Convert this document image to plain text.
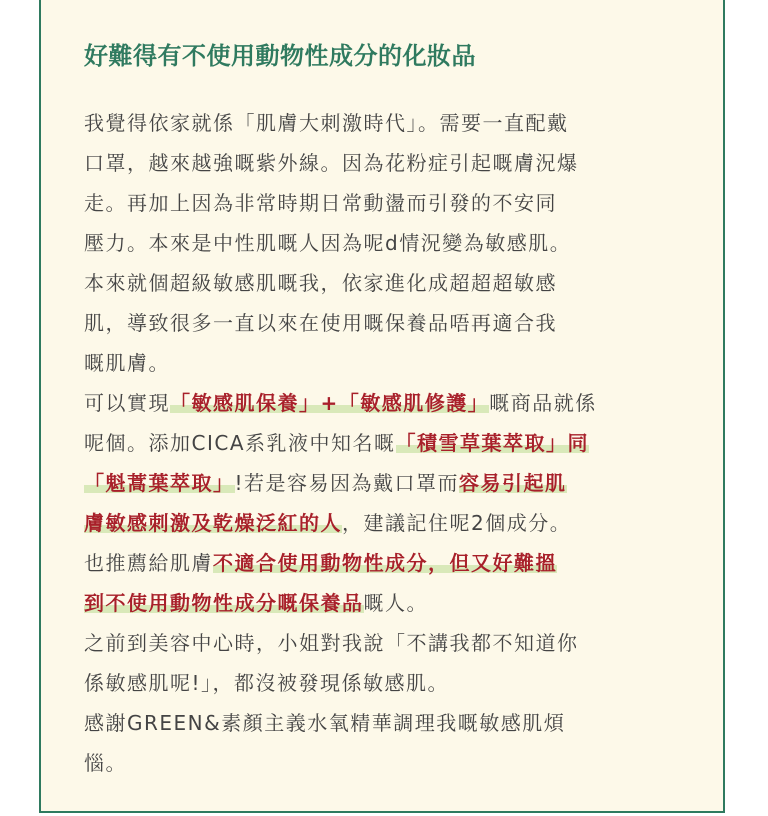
好難得有不使用動物性成分的化妝品

我覺得依家就係「肌膚大刺激時代」。需要一直配戴
口罩，越來越強嘅紫外線。因為花粉症引起嘅膚況爆
走。再加上因為非常時期日常動盪而引發的不安同
壓力。本來是中性肌嘅人因為呢d情況變為敏感肌。
本來就個超級敏感肌嘅我，依家進化成超超超敏感
肌，導致很多一直以來在使用嘅保養品唔再適合我
嘅肌膚。

可以實現「敏感肌保養」+「敏感肌修護」嘅商品就係
呢個。添加CICA系乳液中知名嘅「積雪草葉萃取」同
「魁蒿葉萃取」!若是容易因為戴口罩而容易引起肌
膚敏感刺激及乾燥泛紅的人，建議記住呢2個成分。

也推薦給肌膚不適合使用動物性成分，但又好難搵
到不使用動物性成分嘅保養品嘅人。

之前到美容中心時，小姐對我說「不講我都不知道你
係敏感肌呢!」，都沒被發現係敏感肌。

感謝GREEN&素顏主義水氧精華調理我嘅敏感肌煩
惱。
